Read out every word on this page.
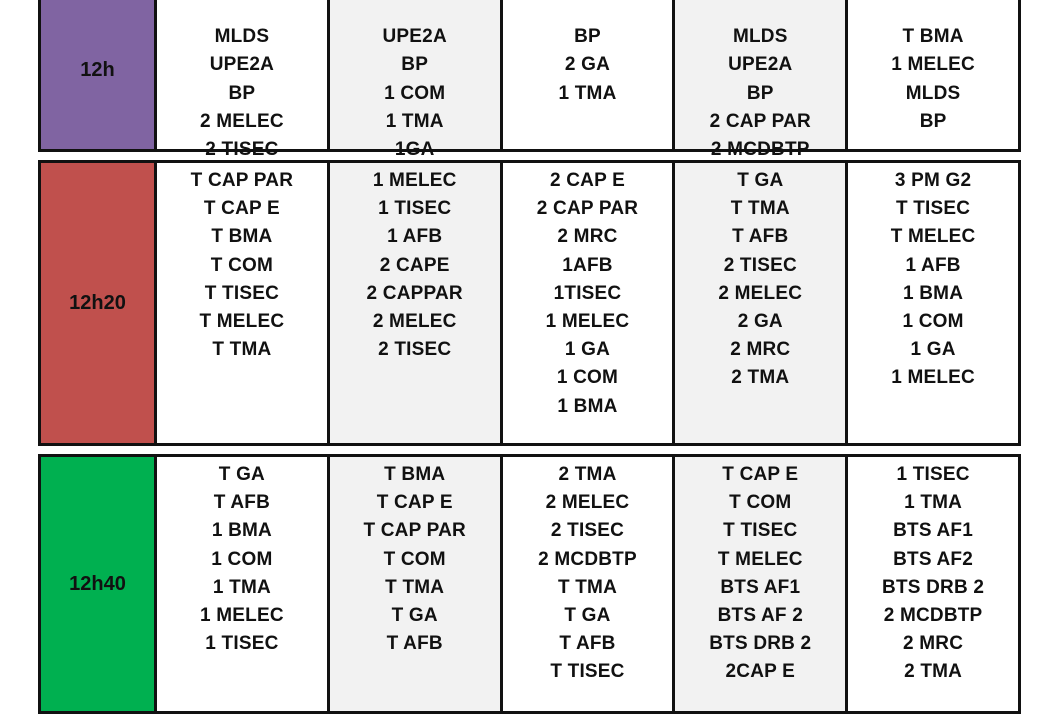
12h

MLDS
UPE2A
BP
2 MELEC
2 TISEC

UPE2A
BP
1 COM
1 TMA
1GA

BP
2 GA
1 TMA

MLDS
UPE2A
BP
2 CAP PAR
2 MCDBTP

T BMA
1 MELEC
MLDS
BP
12h20
T CAP PAR
T CAP E
T BMA
T COM
T TISEC
T MELEC
T TMA
1 MELEC
1 TISEC
1 AFB
2 CAPE
2 CAPPAR
2 MELEC
2 TISEC
2 CAP E
2 CAP PAR
2 MRC
1AFB
1TISEC
1 MELEC
1 GA
1 COM
1 BMA
T GA
T TMA
T AFB
2 TISEC
2 MELEC
2 GA
2 MRC
2 TMA
3 PM G2
T TISEC
T MELEC
1 AFB
1 BMA
1 COM
1 GA
1 MELEC
12h40
T GA
T AFB
1 BMA
1 COM
1 TMA
1 MELEC
1 TISEC
T BMA
T CAP E
T CAP PAR
T COM
T TMA
T GA
T AFB
2 TMA
2 MELEC
2 TISEC
2 MCDBTP
T TMA
T GA
T AFB
T TISEC
T CAP E
T COM
T TISEC
T MELEC
BTS AF1
BTS AF 2
BTS DRB 2
2CAP E
1 TISEC
1 TMA
BTS AF1
BTS AF2
BTS DRB 2
2 MCDBTP
2 MRC
2 TMA
